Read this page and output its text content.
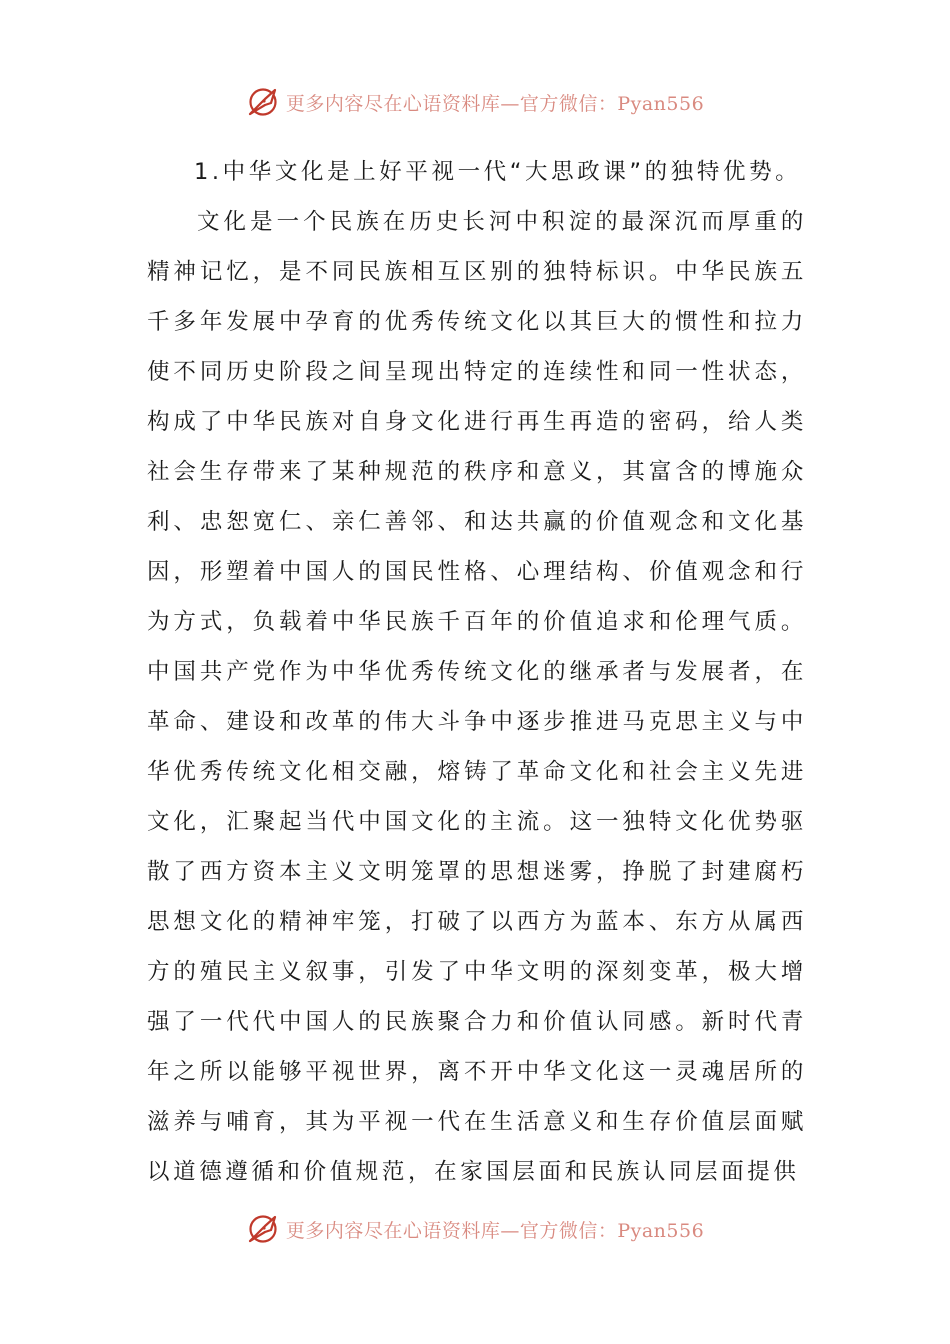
更多内容尽在心语资料库—官方微信：Pyan556

1.中华文化是上好平视一代“大思政课”的独特优势。

文化是一个民族在历史长河中积淀的最深沉而厚重的精神记忆，是不同民族相互区别的独特标识。中华民族五千多年发展中孕育的优秀传统文化以其巨大的惯性和拉力使不同历史阶段之间呈现出特定的连续性和同一性状态，构成了中华民族对自身文化进行再生再造的密码，给人类社会生存带来了某种规范的秩序和意义，其富含的博施众利、忠恕宽仁、亲仁善邻、和达共赢的价值观念和文化基因，形塑着中国人的国民性格、心理结构、价值观念和行为方式，负载着中华民族千百年的价值追求和伦理气质。中国共产党作为中华优秀传统文化的继承者与发展者，在革命、建设和改革的伟大斗争中逐步推进马克思主义与中华优秀传统文化相交融，熔铸了革命文化和社会主义先进文化，汇聚起当代中国文化的主流。这一独特文化优势驱散了西方资本主义文明笼罩的思想迷雾，挣脱了封建腐朽思想文化的精神牢笼，打破了以西方为蓝本、东方从属西方的殖民主义叙事，引发了中华文明的深刻变革，极大增强了一代代中国人的民族聚合力和价值认同感。新时代青年之所以能够平视世界，离不开中华文化这一灵魂居所的滋养与哺育，其为平视一代在生活意义和生存价值层面赋以道德遵循和价值规范，在家国层面和民族认同层面提供

更多内容尽在心语资料库—官方微信：Pyan556
